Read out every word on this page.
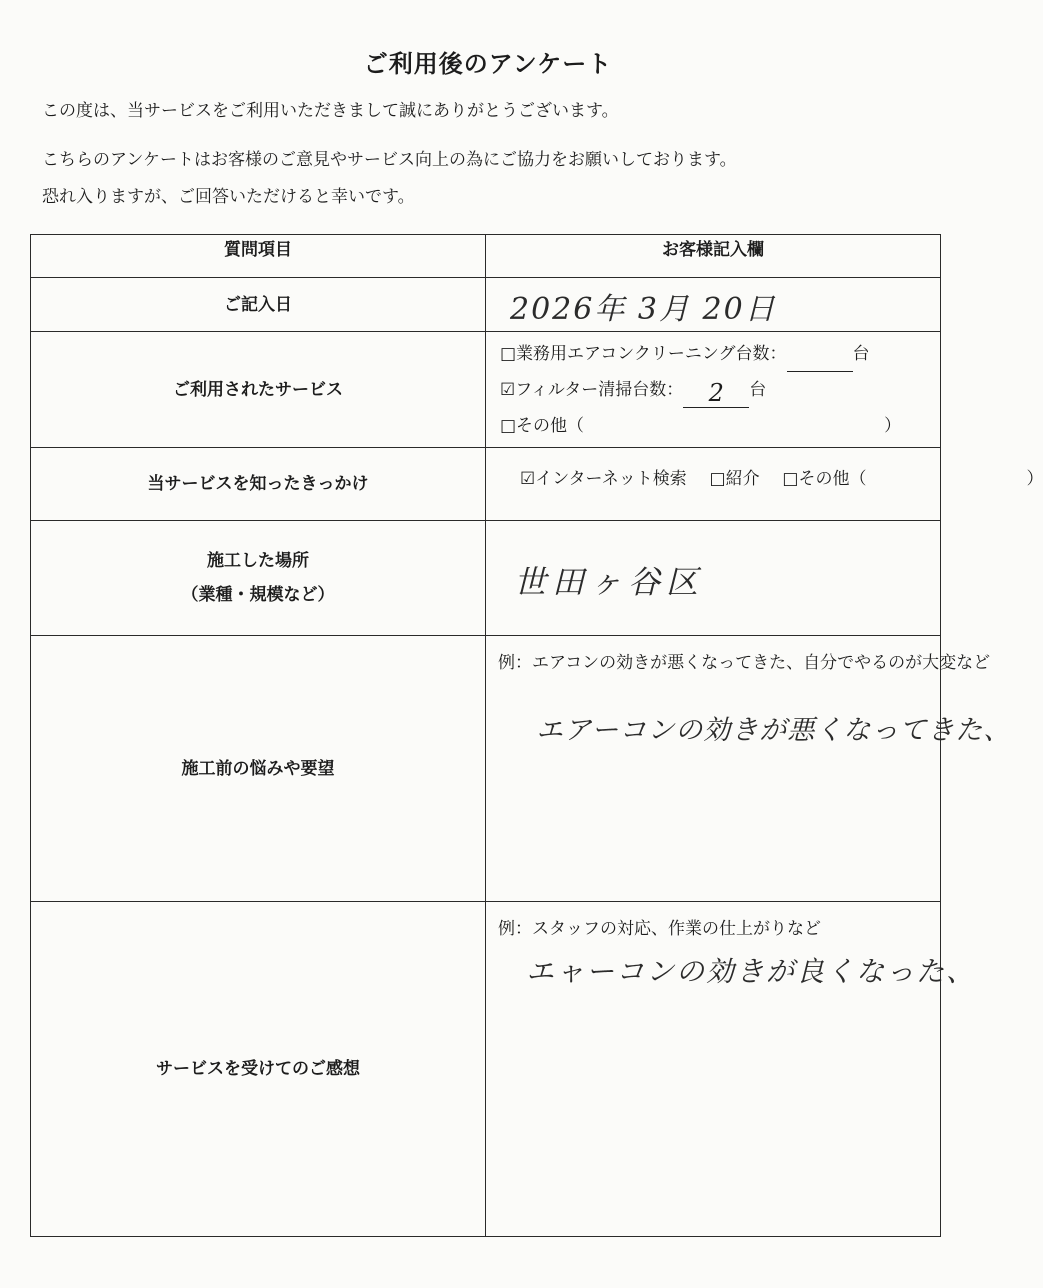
ご利用後のアンケート
この度は、当サービスをご利用いただきまして誠にありがとうございます。
こちらのアンケートはお客様のご意見やサービス向上の為にご協力をお願いしております。
恐れ入りますが、ご回答いただけると幸いです。
質問項目	お客様記入欄
ご記入日	2026年 3月 20日

ご利用されたサービス	□業務用エアコンクリーニング台数： 台
☑フィルター清掃台数： 2 台
□その他（ ）

当サービスを知ったきっかけ	☑インターネット検索 □紹介 □その他（ ）

施工した場所
（業種・規模など）	世田ヶ谷区

施工前の悩みや要望	例：エアコンの効きが悪くなってきた、自分でやるのが大変など
エアーコンの効きが悪くなってきた、

サービスを受けてのご感想	例：スタッフの対応、作業の仕上がりなど
エャーコンの効きが良くなった、
